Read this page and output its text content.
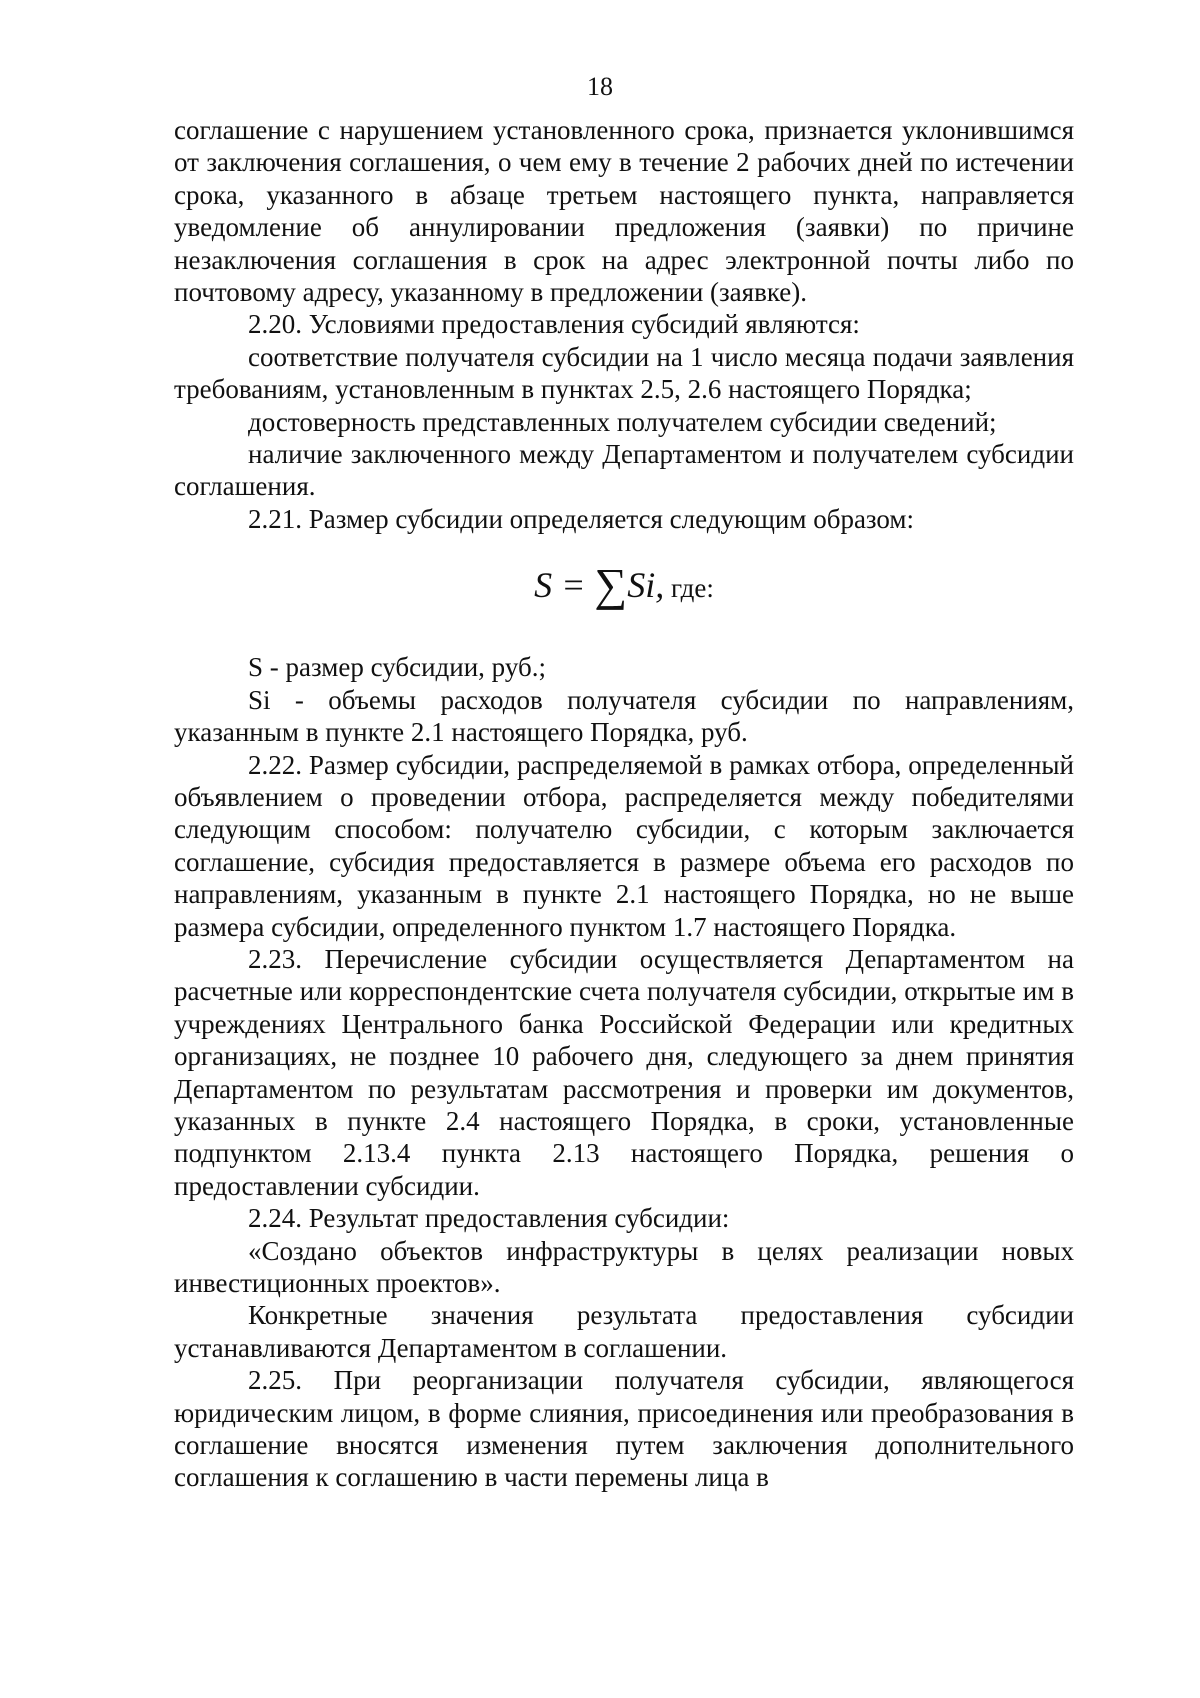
18

соглашение с нарушением установленного срока, признается уклонившимся от заключения соглашения, о чем ему в течение 2 рабочих дней по истечении срока, указанного в абзаце третьем настоящего пункта, направляется уведомление об аннулировании предложения (заявки) по причине незаключения соглашения в срок на адрес электронной почты либо по почтовому адресу, указанному в предложении (заявке).

2.20. Условиями предоставления субсидий являются:

соответствие получателя субсидии на 1 число месяца подачи заявления требованиям, установленным в пунктах 2.5, 2.6 настоящего Порядка;

достоверность представленных получателем субсидии сведений;

наличие заключенного между Департаментом и получателем субсидии соглашения.

2.21. Размер субсидии определяется следующим образом:

S = ∑Si, где:

S - размер субсидии, руб.;

Si - объемы расходов получателя субсидии по направлениям, указанным в пункте 2.1 настоящего Порядка, руб.

2.22. Размер субсидии, распределяемой в рамках отбора, определенный объявлением о проведении отбора, распределяется между победителями следующим способом: получателю субсидии, с которым заключается соглашение, субсидия предоставляется в размере объема его расходов по направлениям, указанным в пункте 2.1 настоящего Порядка, но не выше размера субсидии, определенного пунктом 1.7 настоящего Порядка.

2.23. Перечисление субсидии осуществляется Департаментом на расчетные или корреспондентские счета получателя субсидии, открытые им в учреждениях Центрального банка Российской Федерации или кредитных организациях, не позднее 10 рабочего дня, следующего за днем принятия Департаментом по результатам рассмотрения и проверки им документов, указанных в пункте 2.4 настоящего Порядка, в сроки, установленные подпунктом 2.13.4 пункта 2.13 настоящего Порядка, решения о предоставлении субсидии.

2.24. Результат предоставления субсидии:

«Создано объектов инфраструктуры в целях реализации новых инвестиционных проектов».

Конкретные значения результата предоставления субсидии устанавливаются Департаментом в соглашении.

2.25. При реорганизации получателя субсидии, являющегося юридическим лицом, в форме слияния, присоединения или преобразования в соглашение вносятся изменения путем заключения дополнительного соглашения к соглашению в части перемены лица в
